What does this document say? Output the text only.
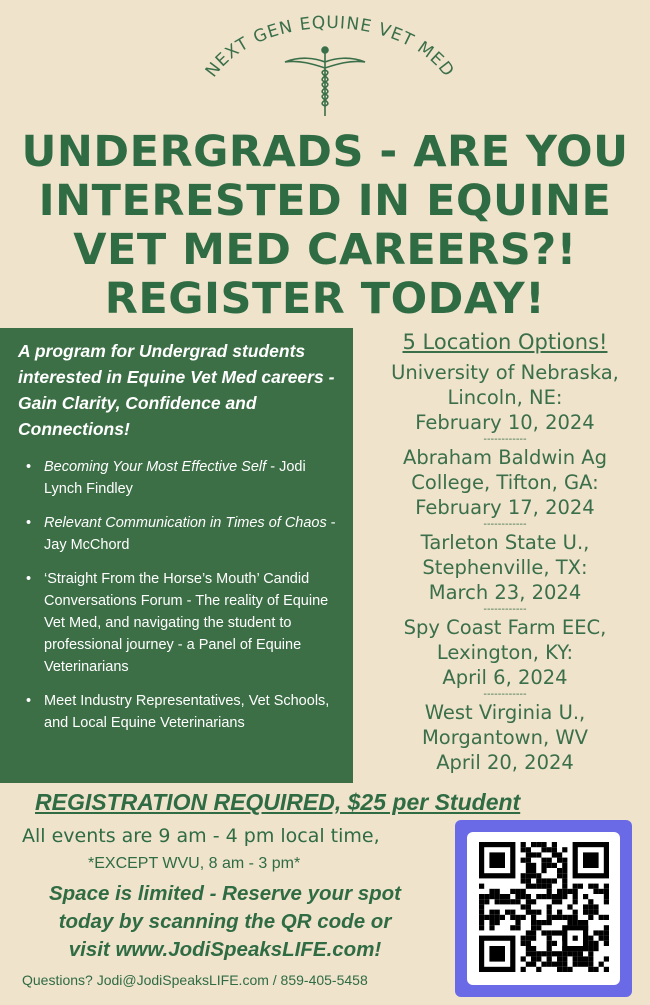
NEXT GEN EQUINE VET MED
UNDERGRADS - ARE YOU
INTERESTED IN EQUINE
VET MED CAREERS?!
REGISTER TODAY!
A program for Undergrad students interested in Equine Vet Med careers - Gain Clarity, Confidence and Connections!
• Becoming Your Most Effective Self - Jodi Lynch Findley
• Relevant Communication in Times of Chaos - Jay McChord
• ‘Straight From the Horse’s Mouth’ Candid Conversations Forum - The reality of Equine Vet Med, and navigating the student to professional journey - a Panel of Equine Veterinarians
• Meet Industry Representatives, Vet Schools, and Local Equine Veterinarians
5 Location Options!
University of Nebraska,
Lincoln, NE:
February 10, 2024
------------
Abraham Baldwin Ag
College, Tifton, GA:
February 17, 2024
------------
Tarleton State U.,
Stephenville, TX:
March 23, 2024
------------
Spy Coast Farm EEC,
Lexington, KY:
April 6, 2024
------------
West Virginia U.,
Morgantown, WV
April 20, 2024
REGISTRATION REQUIRED, $25 per Student
All events are 9 am - 4 pm local time,
*EXCEPT WVU, 8 am - 3 pm*
Space is limited - Reserve your spot
today by scanning the QR code or
visit www.JodiSpeaksLIFE.com!
Questions? Jodi@JodiSpeaksLIFE.com / 859-405-5458
